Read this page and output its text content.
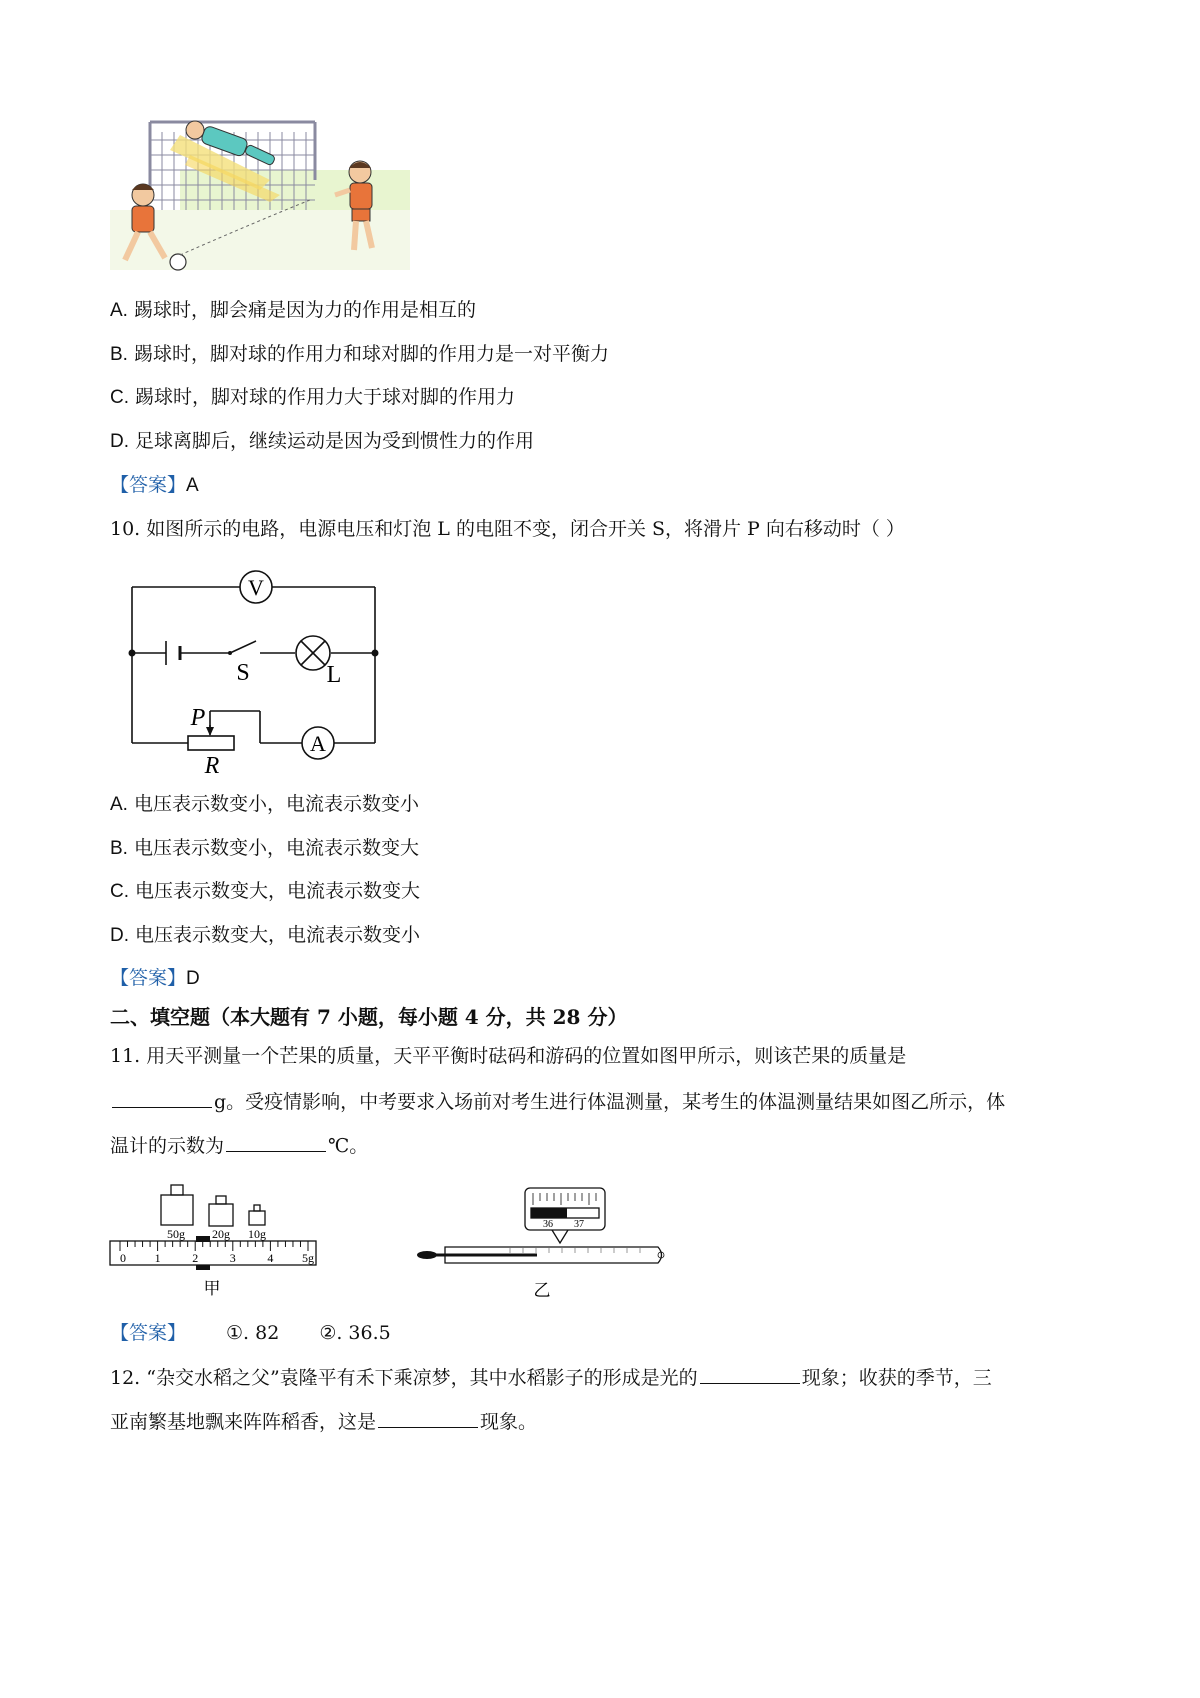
A. 踢球时，脚会痛是因为力的作用是相互的
B. 踢球时，脚对球的作用力和球对脚的作用力是一对平衡力
C. 踢球时，脚对球的作用力大于球对脚的作用力
D. 足球离脚后，继续运动是因为受到惯性力的作用
【答案】A
10. 如图所示的电路，电源电压和灯泡 L 的电阻不变，闭合开关 S，将滑片 P 向右移动时（ ）
V
A
S	L
P
R
A. 电压表示数变小，电流表示数变小
B. 电压表示数变小，电流表示数变大
C. 电压表示数变大，电流表示数变大
D. 电压表示数变大，电流表示数变小
【答案】D
二、填空题（本大题有 7 小题，每小题 4 分，共 28 分）
11. 用天平测量一个芒果的质量，天平平衡时砝码和游码的位置如图甲所示，则该芒果的质量是
g。受疫情影响，中考要求入场前对考生进行体温测量，某考生的体温测量结果如图乙所示，体
温计的示数为	℃。
50g 20g 10g
0 1	2	3	4 5g
甲
36 37
乙
【答案】 ①. 82 ②. 36.5
12. “杂交水稻之父”袁隆平有禾下乘凉梦，其中水稻影子的形成是光的	现象；收获的季节，三
亚南繁基地飘来阵阵稻香，这是	现象。
